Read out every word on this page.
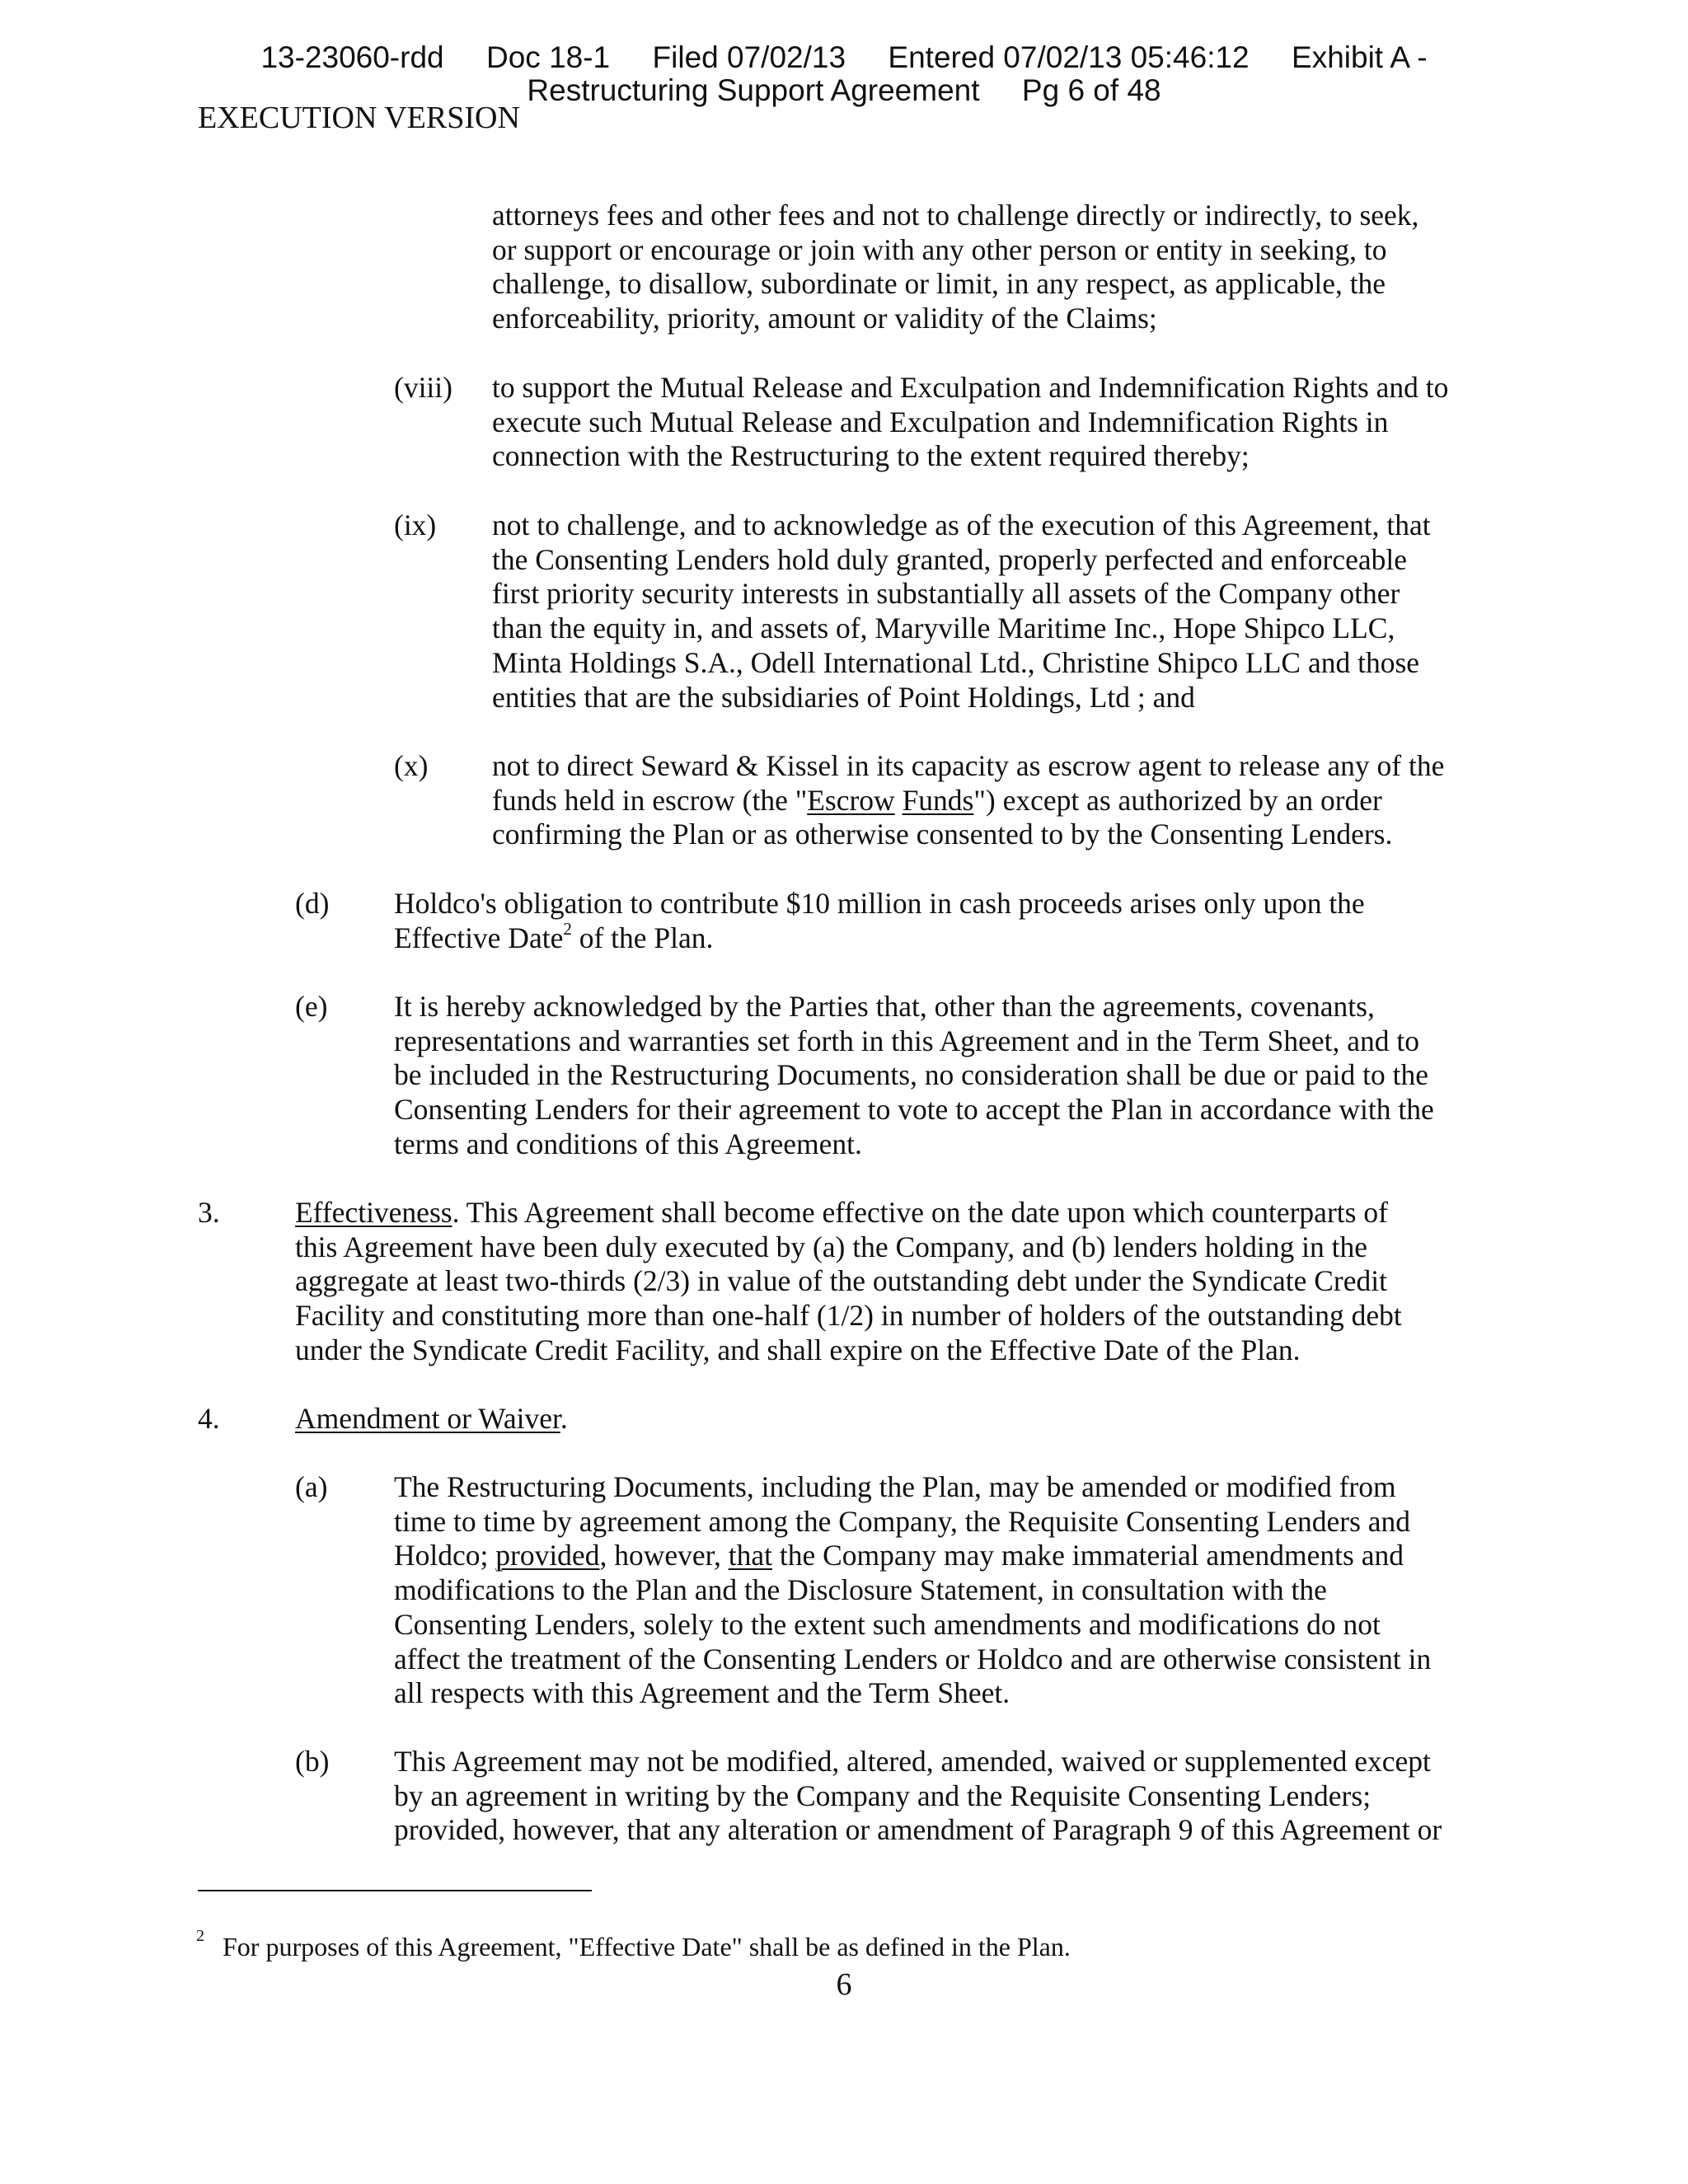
13-23060-rdd     Doc 18-1     Filed 07/02/13     Entered 07/02/13 05:46:12     Exhibit A -
Restructuring Support Agreement     Pg 6 of 48
EXECUTION VERSION
attorneys fees and other fees and not to challenge directly or indirectly, to seek,
or support or encourage or join with any other person or entity in seeking, to
challenge, to disallow, subordinate or limit, in any respect, as applicable, the
enforceability, priority, amount or validity of the Claims;
(viii) to support the Mutual Release and Exculpation and Indemnification Rights and to
execute such Mutual Release and Exculpation and Indemnification Rights in
connection with the Restructuring to the extent required thereby;
(ix) not to challenge, and to acknowledge as of the execution of this Agreement, that
the Consenting Lenders hold duly granted, properly perfected and enforceable
first priority security interests in substantially all assets of the Company other
than the equity in, and assets of, Maryville Maritime Inc., Hope Shipco LLC,
Minta Holdings S.A., Odell International Ltd., Christine Shipco LLC and those
entities that are the subsidiaries of Point Holdings, Ltd ; and
(x) not to direct Seward & Kissel in its capacity as escrow agent to release any of the
funds held in escrow (the "Escrow Funds") except as authorized by an order
confirming the Plan or as otherwise consented to by the Consenting Lenders.
(d) Holdco's obligation to contribute $10 million in cash proceeds arises only upon the
Effective Date$^2$ of the Plan.
(e) It is hereby acknowledged by the Parties that, other than the agreements, covenants,
representations and warranties set forth in this Agreement and in the Term Sheet, and to
be included in the Restructuring Documents, no consideration shall be due or paid to the
Consenting Lenders for their agreement to vote to accept the Plan in accordance with the
terms and conditions of this Agreement.
3.	Effectiveness. This Agreement shall become effective on the date upon which counterparts of
this Agreement have been duly executed by (a) the Company, and (b) lenders holding in the
aggregate at least two-thirds (2/3) in value of the outstanding debt under the Syndicate Credit
Facility and constituting more than one-half (1/2) in number of holders of the outstanding debt
under the Syndicate Credit Facility, and shall expire on the Effective Date of the Plan.
4.	Amendment or Waiver.
(a) The Restructuring Documents, including the Plan, may be amended or modified from
time to time by agreement among the Company, the Requisite Consenting Lenders and
Holdco; provided, however, that the Company may make immaterial amendments and
modifications to the Plan and the Disclosure Statement, in consultation with the
Consenting Lenders, solely to the extent such amendments and modifications do not
affect the treatment of the Consenting Lenders or Holdco and are otherwise consistent in
all respects with this Agreement and the Term Sheet.
(b) This Agreement may not be modified, altered, amended, waived or supplemented except
by an agreement in writing by the Company and the Requisite Consenting Lenders;
provided, however, that any alteration or amendment of Paragraph 9 of this Agreement or
$^2$ For purposes of this Agreement, "Effective Date" shall be as defined in the Plan.
6
